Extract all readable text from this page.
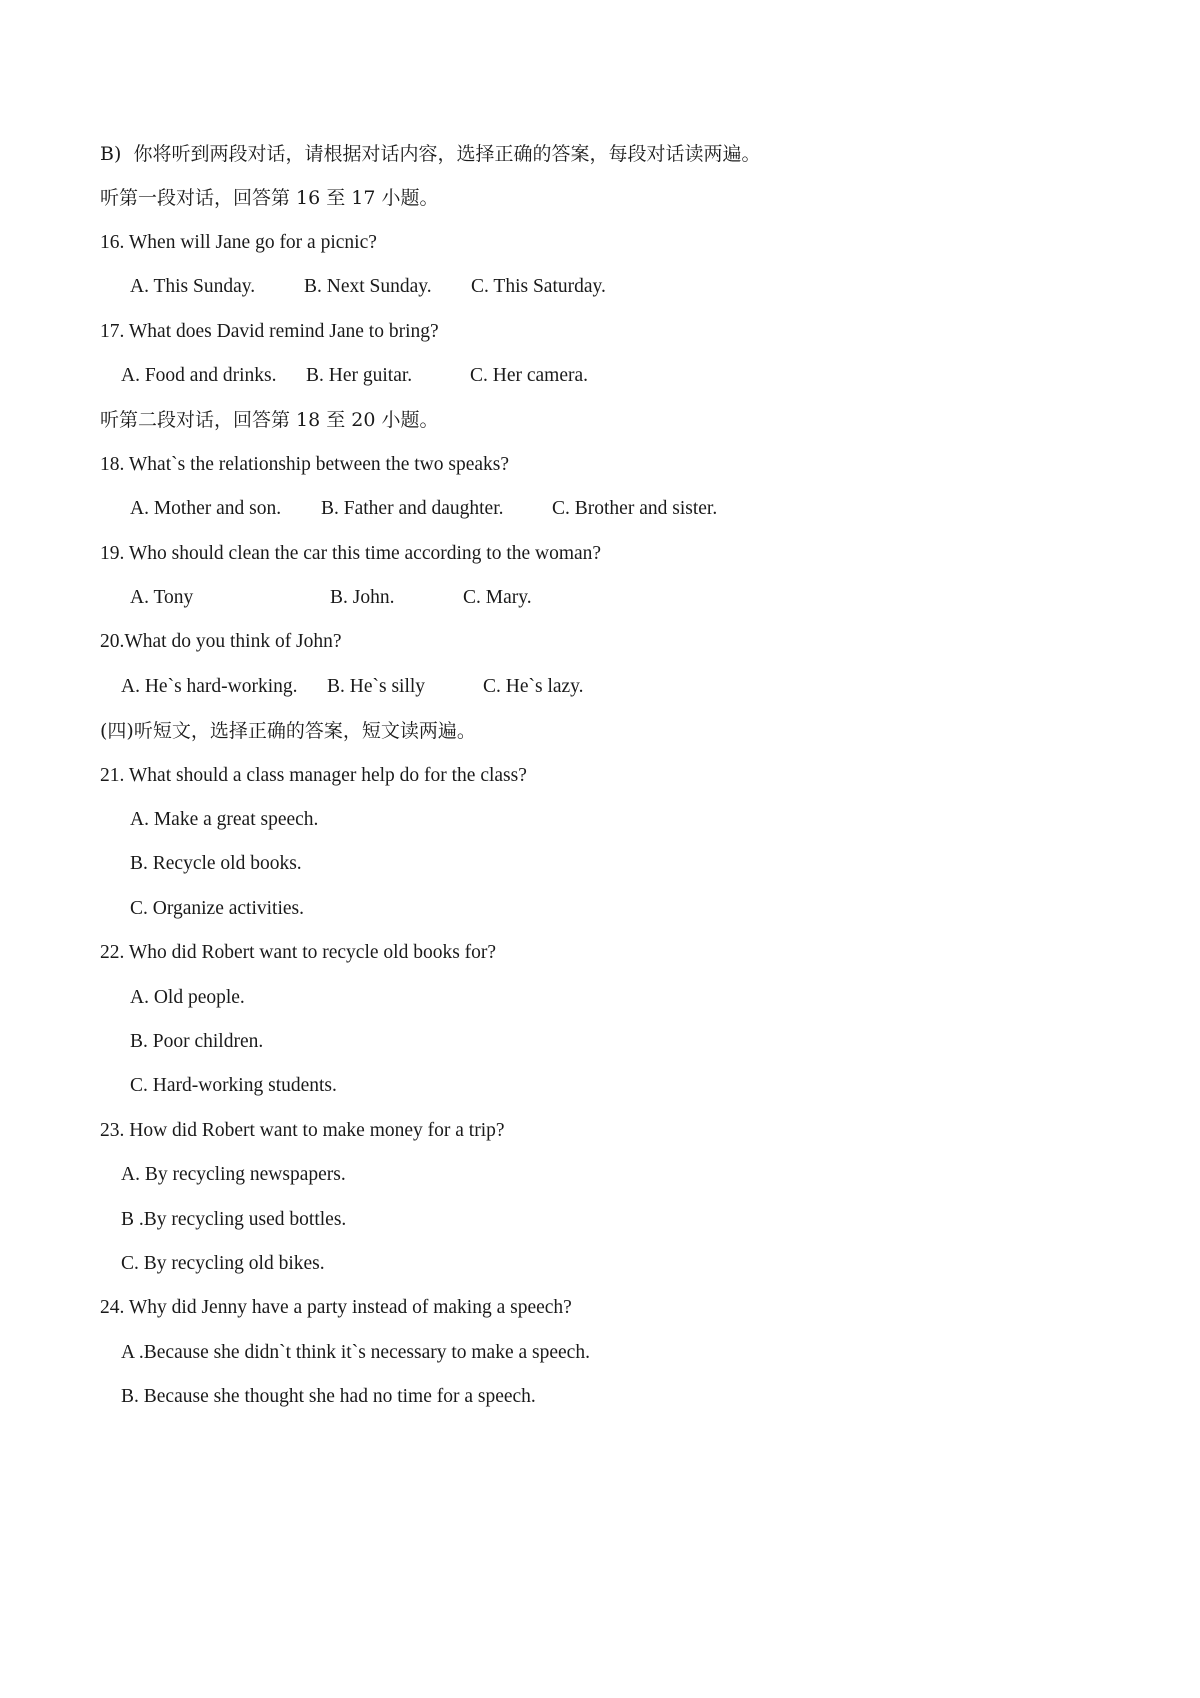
B)  你将听到两段对话，请根据对话内容，选择正确的答案，每段对话读两遍。
听第一段对话，回答第 16 至 17 小题。
16. When will Jane go for a picnic?
A. This Sunday.	B. Next Sunday. C. This Saturday.
17. What does David remind Jane to bring?
A. Food and drinks. B. Her guitar.	C. Her camera.
听第二段对话，回答第 18 至 20 小题。
18. What`s the relationship between the two speaks?
A. Mother and son. B. Father and daughter. C. Brother and sister.
19. Who should clean the car this time according to the woman?
A. Tony	B. John.	C. Mary.
20.What do you think of John?
A. He`s hard-working. B. He`s silly	C. He`s lazy.
(四)听短文，选择正确的答案，短文读两遍。
21. What should a class manager help do for the class?
A. Make a great speech.
B. Recycle old books.
C. Organize activities.
22. Who did Robert want to recycle old books for?
A. Old people.
B. Poor children.
C. Hard-working students.
23. How did Robert want to make money for a trip?
A. By recycling newspapers.
B .By recycling used bottles.
C. By recycling old bikes.
24. Why did Jenny have a party instead of making a speech?
A .Because she didn`t think it`s necessary to make a speech.
B. Because she thought she had no time for a speech.
